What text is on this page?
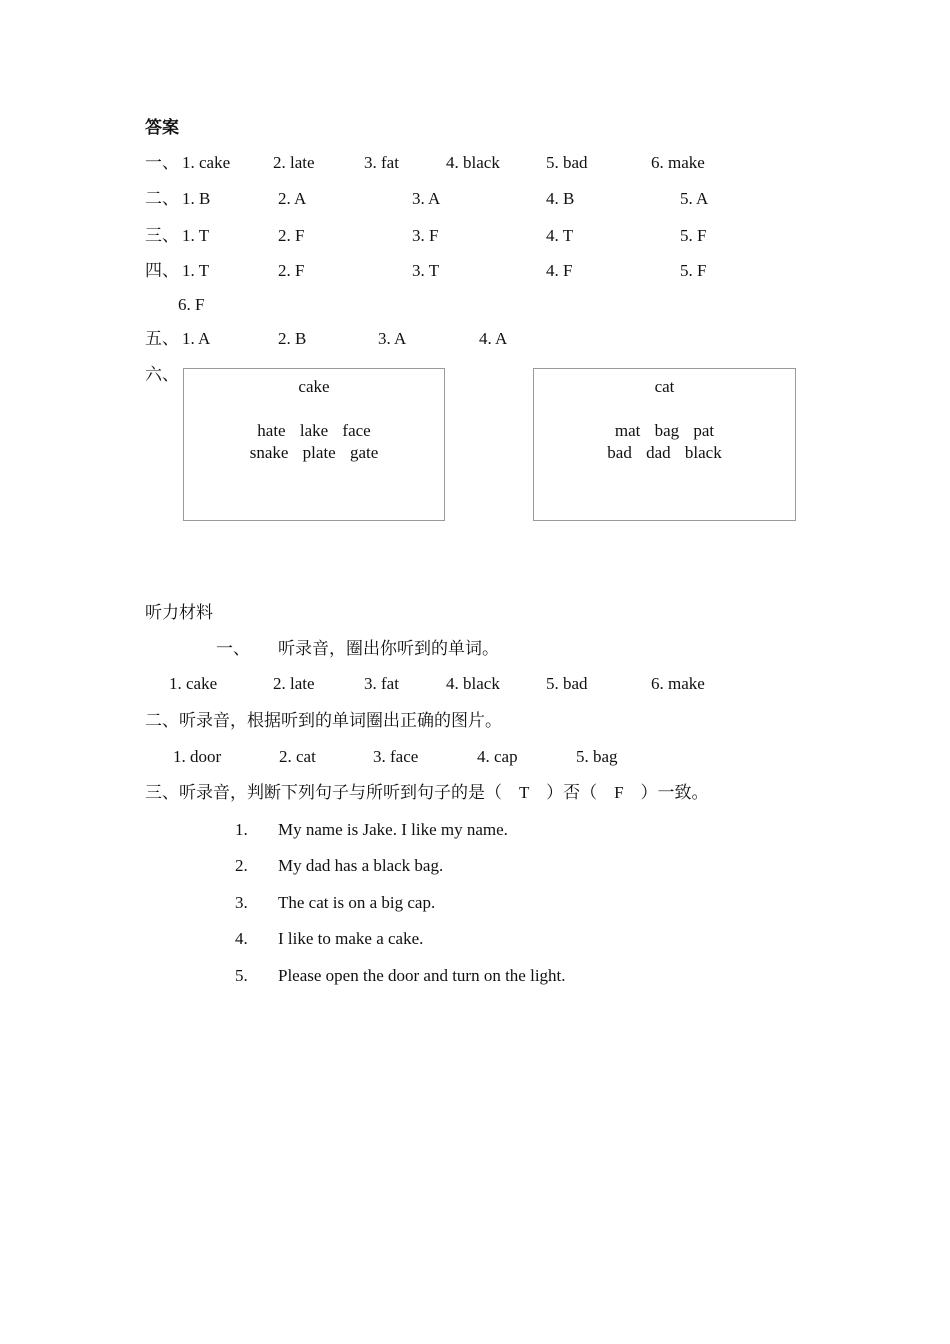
答案
一、 1. cake	2. late	3. fat	4. black	5. bad	6. make
二、 1. B	2. A	3. A	4. B	5. A
三、 1. T	2. F	3. F	4. T	5. F
四、 1. T	2. F	3. T	4. F	5. F
6. F
五、 1. A	2. B	3. A	4. A
六、
cake
hate lake face
snake plate gate
cat
mat bag pat
bad dad black
听力材料
一、 听录音，圈出你听到的单词。
1. cake	2. late	3. fat	4. black	5. bad	6. make
二、听录音，根据听到的单词圈出正确的图片。
1. door	2. cat	3. face	4. cap	5. bag
三、听录音，判断下列句子与所听到句子的是（　T　）否（　F　）一致。
1. My name is Jake. I like my name.
2. My dad has a black bag.
3. The cat is on a big cap.
4. I like to make a cake.
5. Please open the door and turn on the light.
